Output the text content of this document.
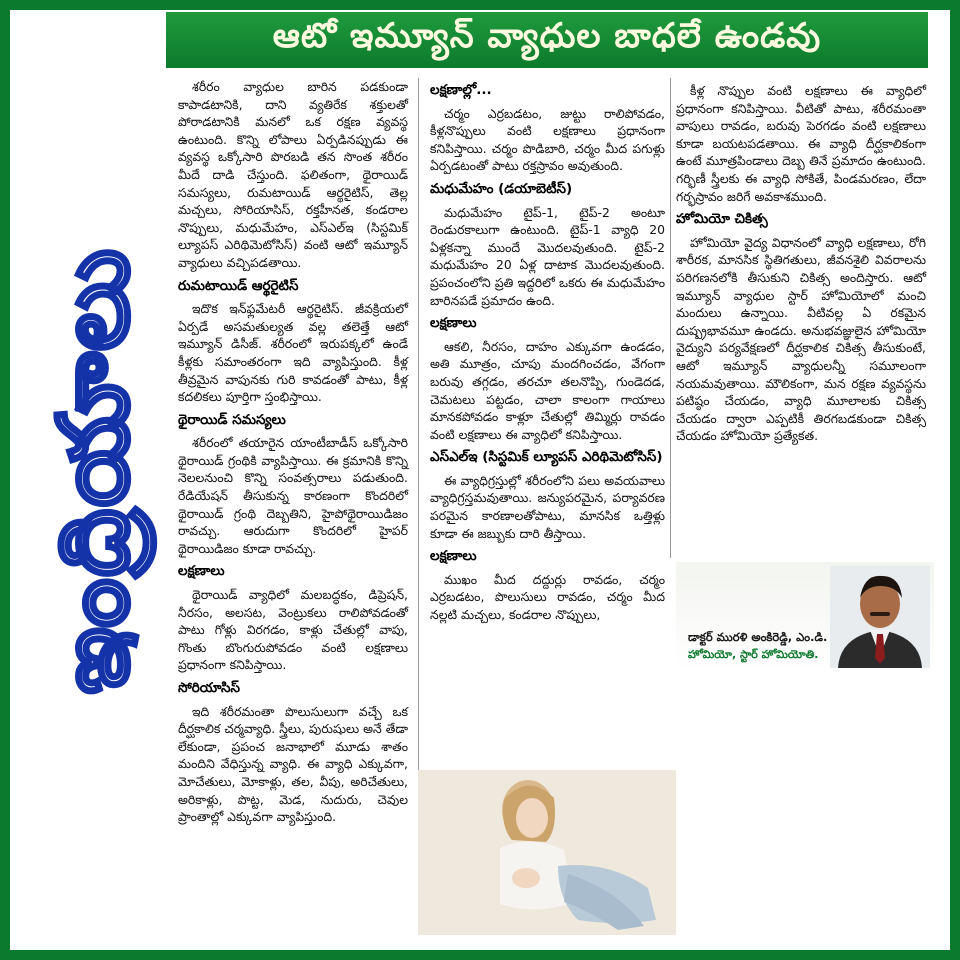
ఇంద్రియాలు
ఆటో ఇమ్యూన్ వ్యాధుల బాధలే ఉండవు

శరీరం వ్యాధుల బారిన పడకుండా కాపాడటానికి, దాని వ్యతిరేక శక్తులతో పోరాడటానికి మనలో ఒక రక్షణ వ్యవస్థ ఉంటుంది. కొన్ని లోపాలు ఏర్పడినప్పుడు ఈ వ్యవస్థ ఒక్కోసారి పొరబడి తన సొంత శరీరం మీదే దాడి చేస్తుంది. ఫలితంగా, థైరాయిడ్ సమస్యలు, రుమటాయిడ్ ఆర్థరైటిస్, తెల్ల మచ్చలు, సోరియాసిస్, రక్తహీనత, కండరాల నొప్పులు, మధుమేహం, ఎస్ఎల్ఇ (సిస్టమిక్ ల్యూపస్ ఎరిథిమెటోసిస్) వంటి ఆటో ఇమ్యూన్ వ్యాధులు వచ్చిపడతాయి.

రుమటాయిడ్ ఆర్థరైటిస్

ఇదొక ఇన్‌ఫ్లమేటరీ ఆర్థరైటిస్. జీవక్రియలో ఏర్పడే అసమతుల్యత వల్ల తలెత్తే ఆటో ఇమ్యూన్ డిసీజ్. శరీరంలో ఇరుపక్కలో ఉండే కీళ్లకు సమాంతరంగా ఇది వ్యాపిస్తుంది. కీళ్ల తీవ్రమైన వాపునకు గురి కావడంతో పాటు, కీళ్ల కదలికలు పూర్తిగా స్తంభిస్తాయి.

థైరాయిడ్ సమస్యలు

శరీరంలో తయారైన యాంటీబాడీస్ ఒక్కోసారి థైరాయిడ్ గ్రంథికి వ్యాపిస్తాయి. ఈ క్రమానికి కొన్ని నెలలనుంచి కొన్ని సంవత్సరాలు పడుతుంది. రేడియేషన్ తీసుకున్న కారణంగా కొందరిలో థైరాయిడ్ గ్రంథి దెబ్బతిని, హైపోథైరాయిడిజం రావచ్చు. ఆరుదుగా కొందరిలో హైపర్ థైరాయిడిజం కూడా రావచ్చు.

లక్షణాలు

థైరాయిడ్ వ్యాధిలో మలబద్ధకం, డిప్రెషన్, నీరసం, అలసట, వెంట్రుకలు రాలిపోవడంతో పాటు గోళ్లు విరగడం, కాళ్లు చేతుల్లో వాపు, గొంతు బొంగురుపోవడం వంటి లక్షణాలు ప్రధానంగా కనిపిస్తాయి.

సోరియాసిస్

ఇది శరీరమంతా పొలుసులుగా వచ్చే ఒక దీర్ఘకాలిక చర్మవ్యాధి. స్త్రీలు, పురుషులు అనే తేడా లేకుండా, ప్రపంచ జనాభాలో మూడు శాతం మందిని వేధిస్తున్న వ్యాధి. ఈ వ్యాధి ఎక్కువగా, మోచేతులు, మోకాళ్లు, తల, వీపు, అరిచేతులు, అరికాళ్లు, పొట్ట, మెడ, నుదురు, చెవుల ప్రాంతాల్లో ఎక్కువగా వ్యాపిస్తుంది.

లక్షణాల్లో...

చర్మం ఎర్రబడటం, జుట్టు రాలిపోవడం, కీళ్లనొప్పులు వంటి లక్షణాలు ప్రధానంగా కనిపిస్తాయి. చర్మం పొడిబారి, చర్మం మీద పగుళ్లు ఏర్పడటంతో పాటు రక్తస్రావం అవుతుంది.

మధుమేహం (డయాబెటీస్)

మధుమేహం టైప్-1, టైప్-2 అంటూ రెండురకాలుగా ఉంటుంది. టైప్-1 వ్యాధి 20 ఏళ్లకన్నా ముందే మొదలవుతుంది. టైప్-2 మధుమేహం 20 ఏళ్ల దాటాక మొదలవుతుంది. ప్రపంచంలోని ప్రతి ఇద్దరిలో ఒకరు ఈ మధుమేహం బారినపడే ప్రమాదం ఉంది.

లక్షణాలు

ఆకలి, నీరసం, దాహం ఎక్కువగా ఉండడం, అతి మూత్రం, చూపు మందగించడం, వేగంగా బరువు తగ్గడం, తరచూ తలనొప్పి, గుండెదడ, చెమటలు పట్టడం, చాలా కాలంగా గాయాలు మానకపోవడం కాళ్లూ చేతుల్లో తిమ్మిర్లు రావడం వంటి లక్షణాలు ఈ వ్యాధిలో కనిపిస్తాయి.

ఎస్ఎల్ఇ (సిస్టమిక్ ల్యూపస్ ఎరిథిమెటోసిస్)

ఈ వ్యాధిగ్రస్తుల్లో శరీరంలోని పలు అవయవాలు వ్యాధిగ్రస్తమవుతాయి. జన్యుపరమైన, పర్యావరణ పరమైన కారణాలతోపాటు, మానసిక ఒత్తిళ్లు కూడా ఈ జబ్బుకు దారి తీస్తాయి.

లక్షణాలు

ముఖం మీద దద్దుర్లు రావడం, చర్మం ఎర్రబడటం, పొలుసులు రావడం, చర్మం మీద నల్లటి మచ్చలు, కండరాల నొప్పులు,

కీళ్ల నొప్పుల వంటి లక్షణాలు ఈ వ్యాధిలో ప్రధానంగా కనిపిస్తాయి. వీటితో పాటు, శరీరమంతా వాపులు రావడం, బరువు పెరగడం వంటి లక్షణాలు కూడా బయటపడతాయి. ఈ వ్యాధి దీర్ఘకాలికంగా ఉంటే మూత్రపిండాలు దెబ్బ తినే ప్రమాదం ఉంటుంది. గర్భిణీ స్త్రీలకు ఈ వ్యాధి సోకితే, పిండమరణం, లేదా గర్భస్రావం జరిగే అవకాశముంది.

హోమియో చికిత్స

హోమియో వైద్య విధానంలో వ్యాధి లక్షణాలు, రోగి శారీరక, మానసిక స్థితిగతులు, జీవనశైలి వివరాలను పరిగణనలోకి తీసుకుని చికిత్స అందిస్తారు. ఆటో ఇమ్యూన్ వ్యాధుల స్టార్ హోమియోలో మంచి మందులు ఉన్నాయి. వీటివల్ల ఏ రకమైన దుష్ప్రభావమూ ఉండదు. అనుభవజ్ఞులైన హోమియో వైద్యుని పర్యవేక్షణలో దీర్ఘకాలిక చికిత్స తీసుకుంటే, ఆటో ఇమ్యూన్ వ్యాధులన్నీ సమూలంగా నయమవుతాయి. మౌలికంగా, మన రక్షణ వ్యవస్థను పటిష్ఠం చేయడం, వ్యాధి మూలాలకు చికిత్స చేయడం ద్వారా ఎప్పటికీ తిరగబడకుండా చికిత్స చేయడం హోమియో ప్రత్యేకత.

డాక్టర్ మురళి అంకిరెడ్డి, ఎం.డి.
హోమియో, స్టార్ హోమియోతి.
